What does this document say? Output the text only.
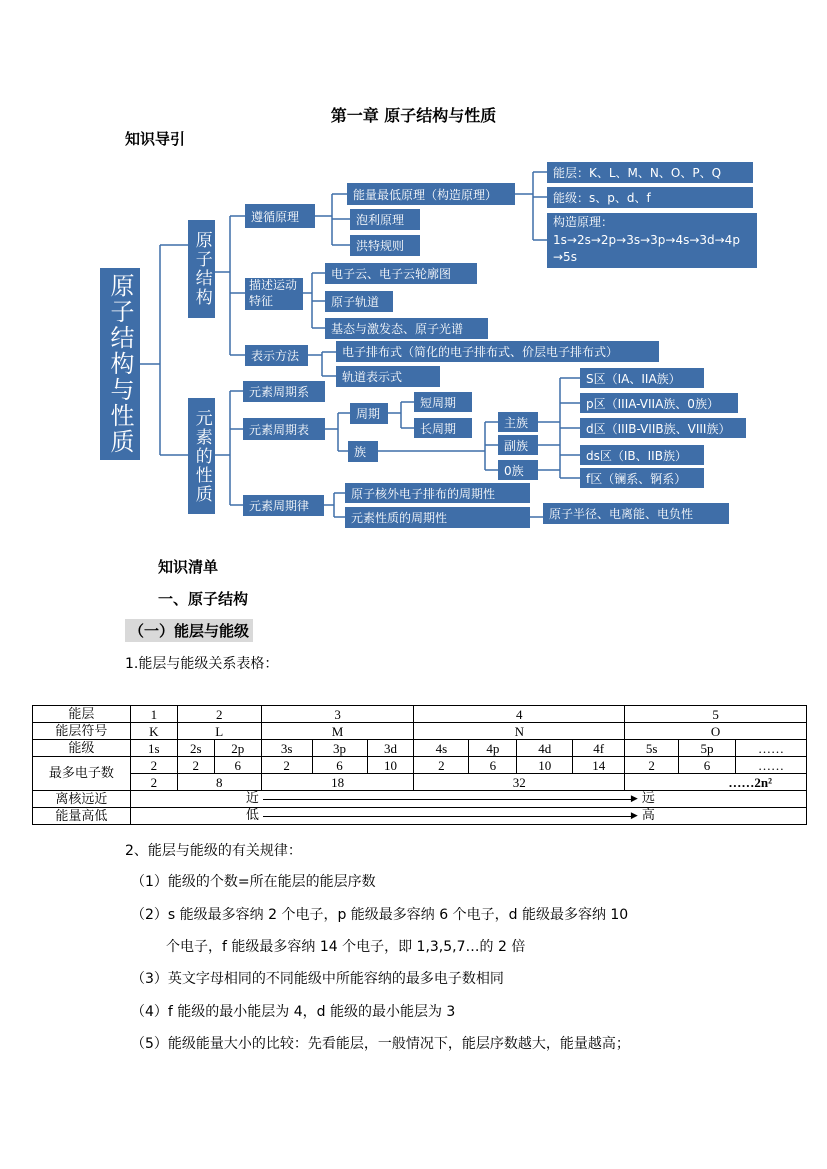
第一章 原子结构与性质
知识导引
原子结构与性质
原子结构
元素的性质
遵循原理
能量最低原理（构造原理）
泡利原理
洪特规则
能层：K、L、M、N、O、P、Q
能级：s、p、d、f
构造原理：
1s→2s→2p→3s→3p→4s→3d→4p
→5s
描述运动特征
电子云、电子云轮廓图
原子轨道
基态与激发态、原子光谱
表示方法	电子排布式（简化的电子排布式、价层电子排布式）
轨道表示式
元素周期系
元素周期表
周期
短周期
长周期
族
主族
副族
0族
S区（IA、IIA族）
p区（IIIA-VIIA族、0族）
d区（IIIB-VIIB族、VIII族）
ds区（IB、IIB族）
f区（镧系、锕系）
元素周期律
原子核外电子排布的周期性
元素性质的周期性	原子半径、电离能、电负性
知识清单
一、原子结构
（一）能层与能级
1.能层与能级关系表格：
能层	1	2		3			4				5		
能层符号	K	L		M			N				O		
能级	1s	2s	2p	3s	3p	3d	4s	4p	4d	4f	5s	5p	……
最多电子数	2	2	6	2	6	10	2	6	10	14	2	6	……
	2	8		18			32				……2n²		
离核远近	近 ▶ 远												

能量高低	低 ▶ 高												

2、能层与能级的有关规律：
（1）能级的个数=所在能层的能层序数
（2）s 能级最多容纳 2 个电子，p 能级最多容纳 6 个电子，d 能级最多容纳 10
个电子，f 能级最多容纳 14 个电子，即 1,3,5,7…的 2 倍
（3）英文字母相同的不同能级中所能容纳的最多电子数相同
（4）f 能级的最小能层为 4，d 能级的最小能层为 3
（5）能级能量大小的比较：先看能层，一般情况下，能层序数越大，能量越高；
